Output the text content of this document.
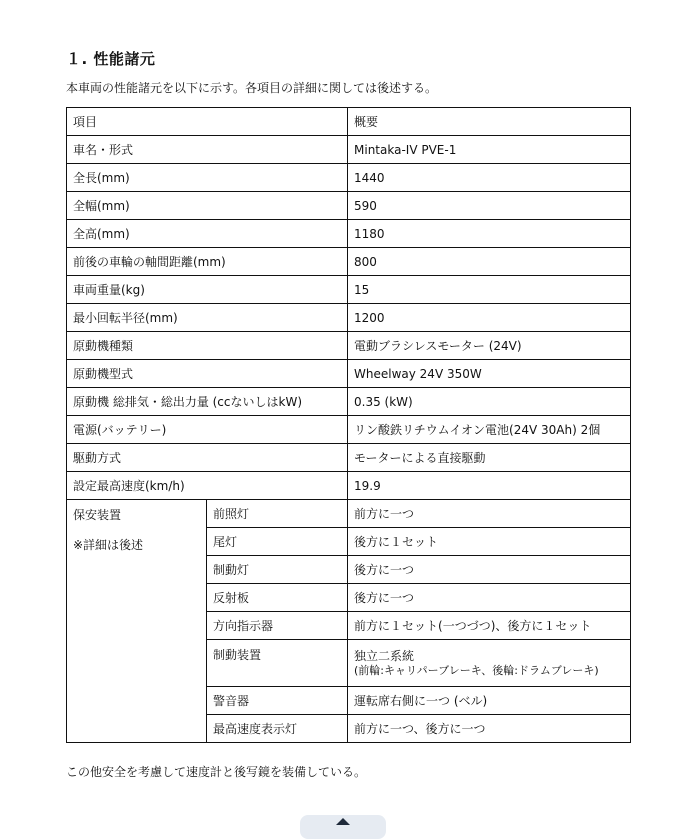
１. 性能諸元

本車両の性能諸元を以下に示す。各項目の詳細に関しては後述する。

項目		概要
車名・形式		Mintaka-IV PVE-1
全長(mm)		1440
全幅(mm)		590
全高(mm)		1180
前後の車輪の軸間距離(mm)		800
車両重量(kg)		15
最小回転半径(mm)		1200
原動機種類		電動ブラシレスモーター (24V)
原動機型式		Wheelway 24V 350W
原動機 総排気・総出力量 (ccないしはkW)		0.35 (kW)
電源(バッテリー)		リン酸鉄リチウムイオン電池(24V 30Ah) 2個
駆動方式		モーターによる直接駆動
設定最高速度(km/h)		19.9

保安装置
※詳細は後述	前照灯	前方に一つ
	尾灯	後方に１セット
	制動灯	後方に一つ
	反射板	後方に一つ
	方向指示器	前方に１セット(一つづつ)、後方に１セット
	制動装置	独立二系統
(前輪:キャリパーブレーキ、後輪:ドラムブレーキ)

	警音器	運転席右側に一つ (ベル)
	最高速度表示灯	前方に一つ、後方に一つ

この他安全を考慮して速度計と後写鏡を装備している。
